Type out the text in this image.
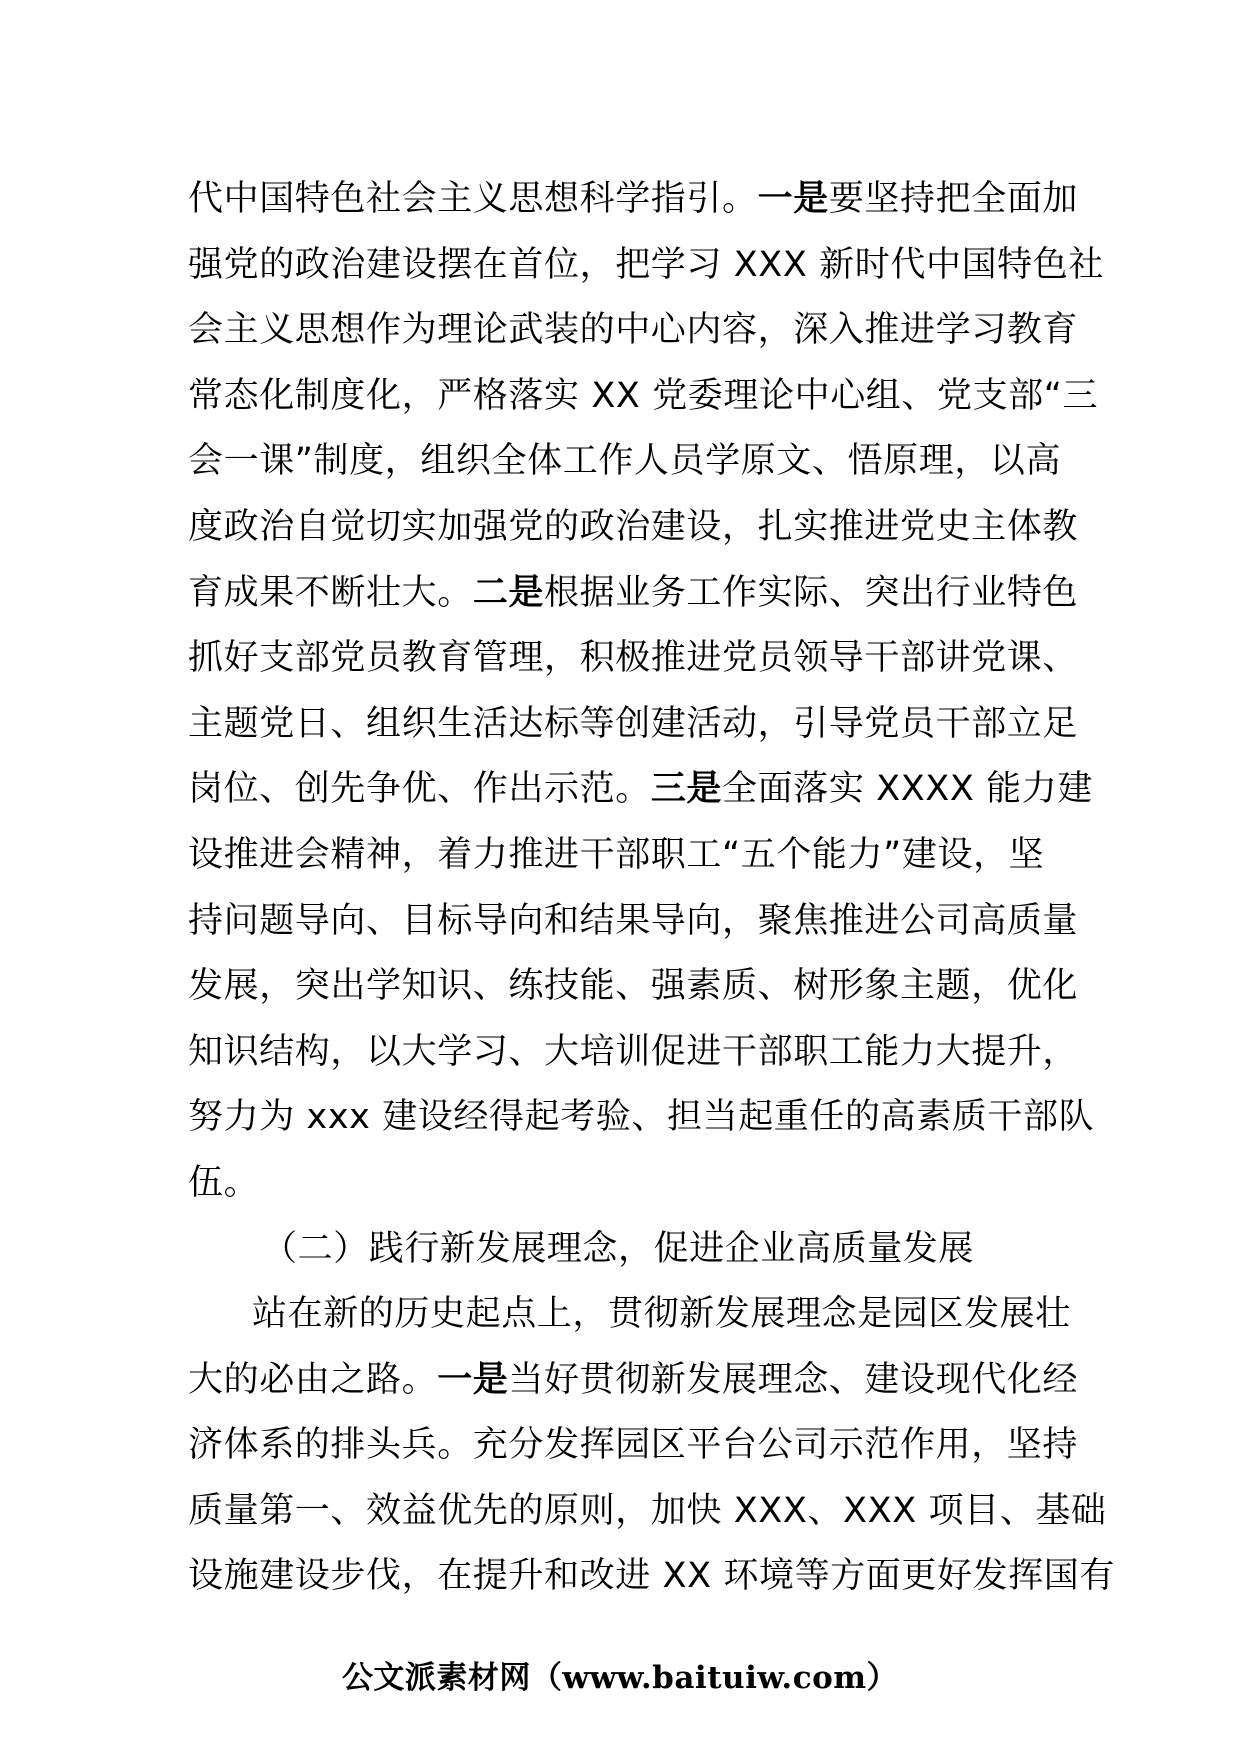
代中国特色社会主义思想科学指引。一是要坚持把全面加
强党的政治建设摆在首位，把学习 XXX 新时代中国特色社
会主义思想作为理论武装的中心内容，深入推进学习教育
常态化制度化，严格落实 XX 党委理论中心组、党支部“三
会一课”制度，组织全体工作人员学原文、悟原理，以高
度政治自觉切实加强党的政治建设，扎实推进党史主体教
育成果不断壮大。二是根据业务工作实际、突出行业特色
抓好支部党员教育管理，积极推进党员领导干部讲党课、
主题党日、组织生活达标等创建活动，引导党员干部立足
岗位、创先争优、作出示范。三是全面落实 XXXX 能力建
设推进会精神，着力推进干部职工“五个能力”建设，坚
持问题导向、目标导向和结果导向，聚焦推进公司高质量
发展，突出学知识、练技能、强素质、树形象主题，优化
知识结构，以大学习、大培训促进干部职工能力大提升，
努力为 xxx 建设经得起考验、担当起重任的高素质干部队
伍。
（二）践行新发展理念，促进企业高质量发展
站在新的历史起点上，贯彻新发展理念是园区发展壮
大的必由之路。一是当好贯彻新发展理念、建设现代化经
济体系的排头兵。充分发挥园区平台公司示范作用，坚持
质量第一、效益优先的原则，加快 XXX、XXX 项目、基础
设施建设步伐，在提升和改进 XX 环境等方面更好发挥国有
公文派素材网（www.baituiw.com）
